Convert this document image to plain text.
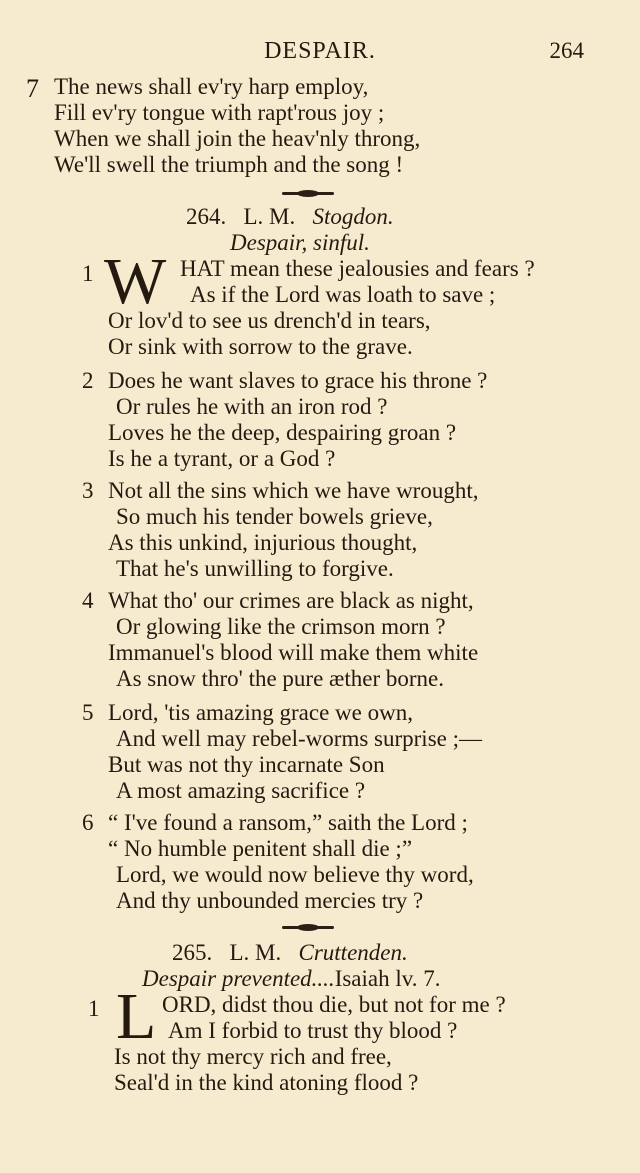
DESPAIR.	264
7 The news shall ev'ry harp employ,
Fill ev'ry tongue with rapt'rous joy ;
When we shall join the heav'nly throng,
We'll swell the triumph and the song !
264. L. M. Stogdon.
Despair, sinful.
1 W HAT mean these jealousies and fears ?
As if the Lord was loath to save ;
Or lov'd to see us drench'd in tears,
Or sink with sorrow to the grave.
2 Does he want slaves to grace his throne ?
Or rules he with an iron rod ?
Loves he the deep, despairing groan ?
Is he a tyrant, or a God ?
3 Not all the sins which we have wrought,
So much his tender bowels grieve,
As this unkind, injurious thought,
That he's unwilling to forgive.
4 What tho' our crimes are black as night,
Or glowing like the crimson morn ?
Immanuel's blood will make them white
As snow thro' the pure æther borne.
5 Lord, 'tis amazing grace we own,
And well may rebel-worms surprise ;—
But was not thy incarnate Son
A most amazing sacrifice ?
6 “ I've found a ransom,” saith the Lord ;
“ No humble penitent shall die ;”
Lord, we would now believe thy word,
And thy unbounded mercies try ?
265. L. M. Cruttenden.
Despair prevented....Isaiah lv. 7.
1 L ORD, didst thou die, but not for me ?
Am I forbid to trust thy blood ?
Is not thy mercy rich and free,
Seal'd in the kind atoning flood ?
